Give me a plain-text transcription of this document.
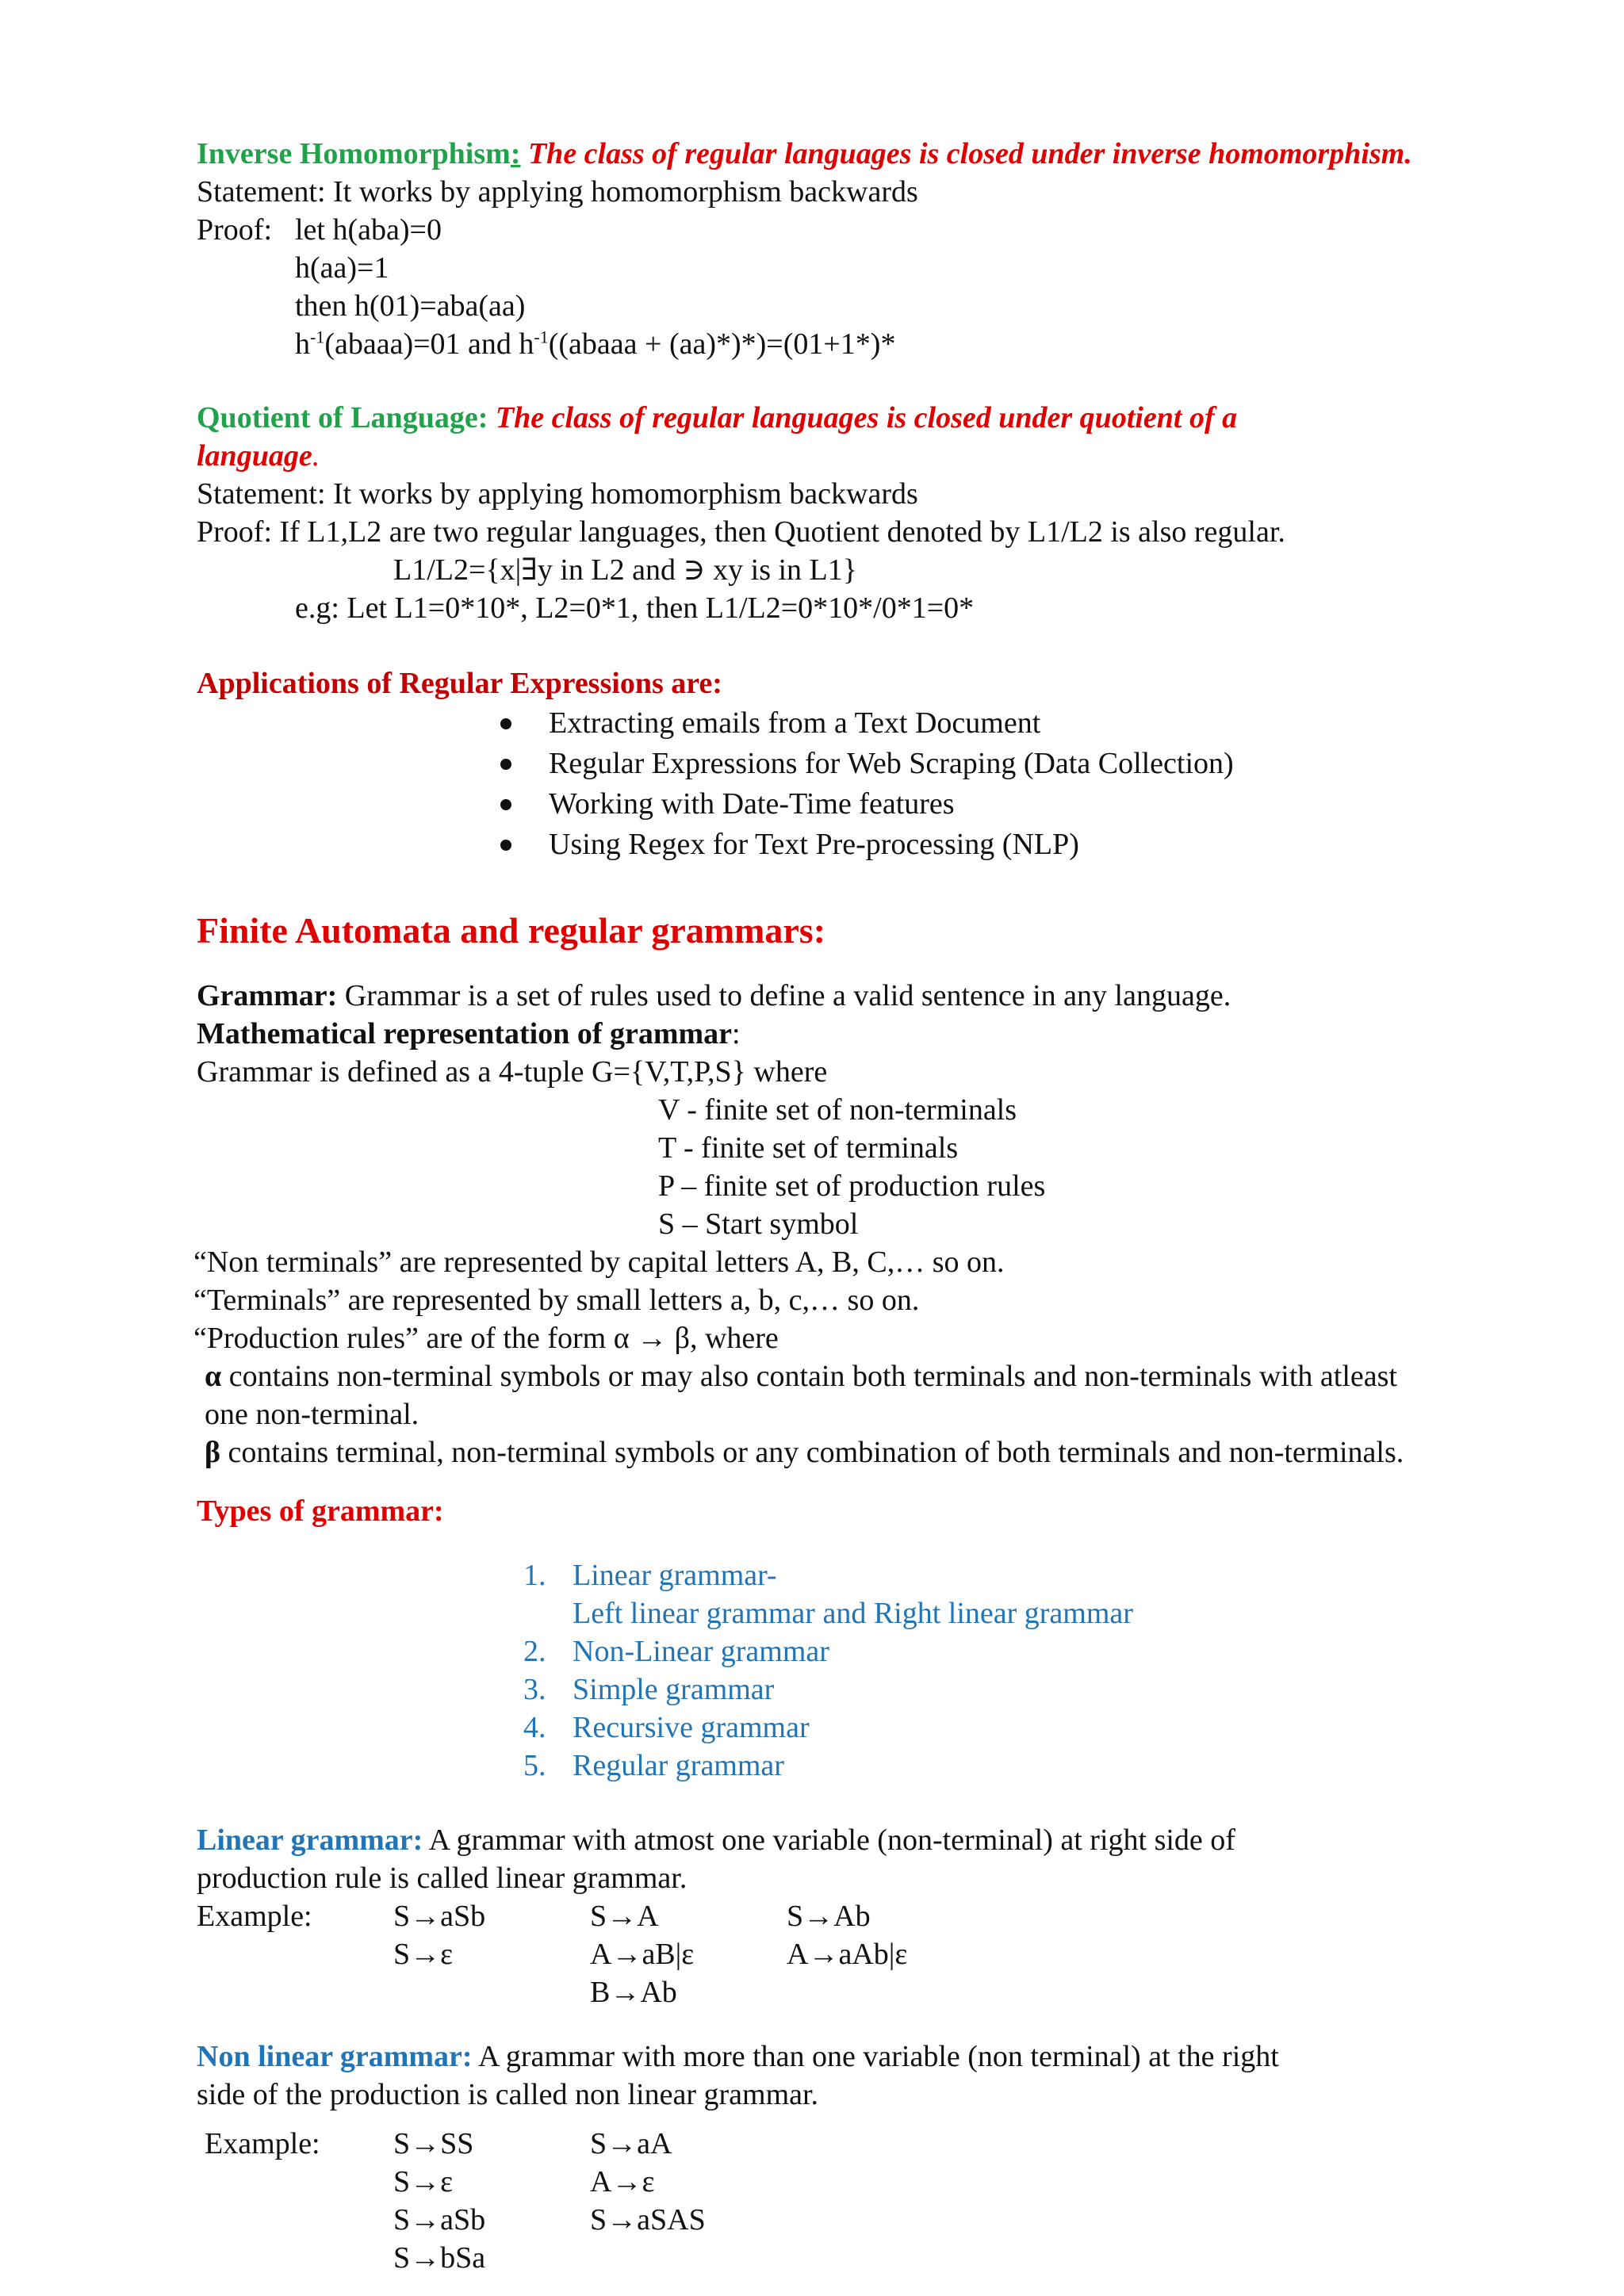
Inverse Homomorphism: The class of regular languages is closed under inverse homomorphism.
Statement: It works by applying homomorphism backwards
Proof: let h(aba)=0
h(aa)=1
then h(01)=aba(aa)
$h^{-1}(abaaa)=01$ and $h^{-1}((abaaa + (aa)*)*)=(01+1*)*$
Quotient of Language: The class of regular languages is closed under quotient of a
language.
Statement: It works by applying homomorphism backwards
Proof: If L1,L2 are two regular languages, then Quotient denoted by L1/L2 is also regular.
L1/L2={x|∃y in L2 and ∋ xy is in L1}
e.g: Let L1=0*10*, L2=0*1, then L1/L2=0*10*/0*1=0*
Applications of Regular Expressions are:
Extracting emails from a Text Document
Regular Expressions for Web Scraping (Data Collection)
Working with Date-Time features
Using Regex for Text Pre-processing (NLP)
Finite Automata and regular grammars:
Grammar: Grammar is a set of rules used to define a valid sentence in any language.
Mathematical representation of grammar:
Grammar is defined as a 4-tuple G={V,T,P,S} where
V - finite set of non-terminals
T - finite set of terminals
P – finite set of production rules
S – Start symbol
“Non terminals” are represented by capital letters A, B, C,… so on.
“Terminals” are represented by small letters a, b, c,… so on.
“Production rules” are of the form α → β, where
α contains non-terminal symbols or may also contain both terminals and non-terminals with atleast
one non-terminal.
β contains terminal, non-terminal symbols or any combination of both terminals and non-terminals.
Types of grammar:
1. Linear grammar-
Left linear grammar and Right linear grammar
2. Non-Linear grammar
3. Simple grammar
4. Recursive grammar
5. Regular grammar
Linear grammar: A grammar with atmost one variable (non-terminal) at right side of
production rule is called linear grammar.
Example:	S→aSb
S→ε
S→A
A→aB|ε
B→Ab
S→Ab
A→aAb|ε
Non linear grammar: A grammar with more than one variable (non terminal) at the right
side of the production is called non linear grammar.
Example: S→SS
S→ε
S→aSb
S→bSa
S→aA
A→ε
S→aSAS
